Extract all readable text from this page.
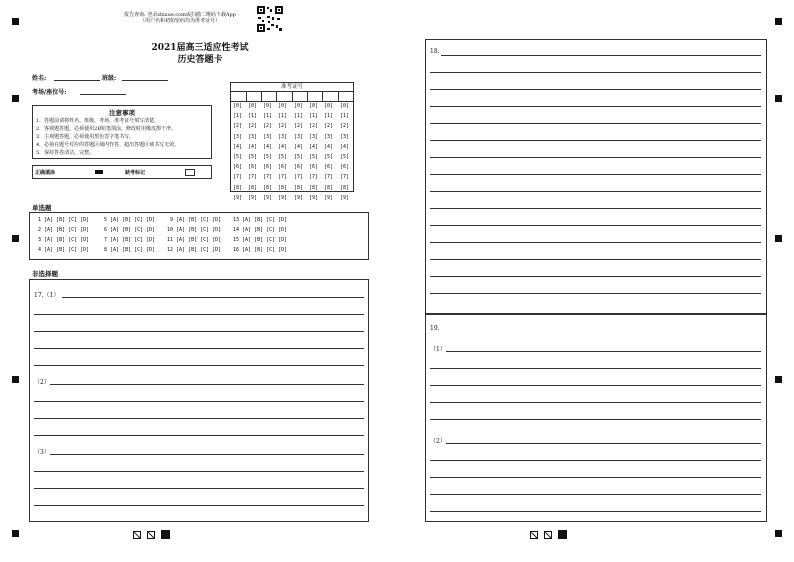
报告查询: 登录zhixue.com或扫描二维码下载App
（用户名和初始密码均为准考证号）
2021届高三适应性考试
历史答题卡
姓名:	班级:
考场/座位号:
注意事项
1．答题前请将姓名、班级、考场、准考证号填写清楚。
2．客观题答题，必须使用2B铅笔填涂，修改时用橡皮擦干净。
3．主观题答题，必须使用黑色签字笔书写。
4．必须在题号对应的答题区域内作答，超出答题区域书写无效。
5．保持答卷清洁、完整。
正确填涂	缺考标记
准考证号
[0]
[1]
[2]
[3]
[4]
[5]
[6]
[7]
[8]
[9]
[0]
[1]
[2]
[3]
[4]
[5]
[6]
[7]
[8]
[9]
[0]
[1]
[2]
[3]
[4]
[5]
[6]
[7]
[8]
[9]
[0]
[1]
[2]
[3]
[4]
[5]
[6]
[7]
[8]
[9]
[0]
[1]
[2]
[3]
[4]
[5]
[6]
[7]
[8]
[9]
[0]
[1]
[2]
[3]
[4]
[5]
[6]
[7]
[8]
[9]
[0]
[1]
[2]
[3]
[4]
[5]
[6]
[7]
[8]
[9]
[0]
[1]
[2]
[3]
[4]
[5]
[6]
[7]
[8]
[9]
单选题
1 [A] [B] [C] [D]
2 [A] [B] [C] [D]
3 [A] [B] [C] [D]
4 [A] [B] [C] [D]
5 [A] [B] [C] [D]
6 [A] [B] [C] [D]
7 [A] [B] [C] [D]
8 [A] [B] [C] [D]
9 [A] [B] [C] [D]
10 [A] [B] [C] [D]
11 [A] [B] [C] [D]
12 [A] [B] [C] [D]
13 [A] [B] [C] [D]
14 [A] [B] [C] [D]
15 [A] [B] [C] [D]
16 [A] [B] [C] [D]
非选择题
17.（1）
（2）
（3）
18.
19.
（1）
（2）
